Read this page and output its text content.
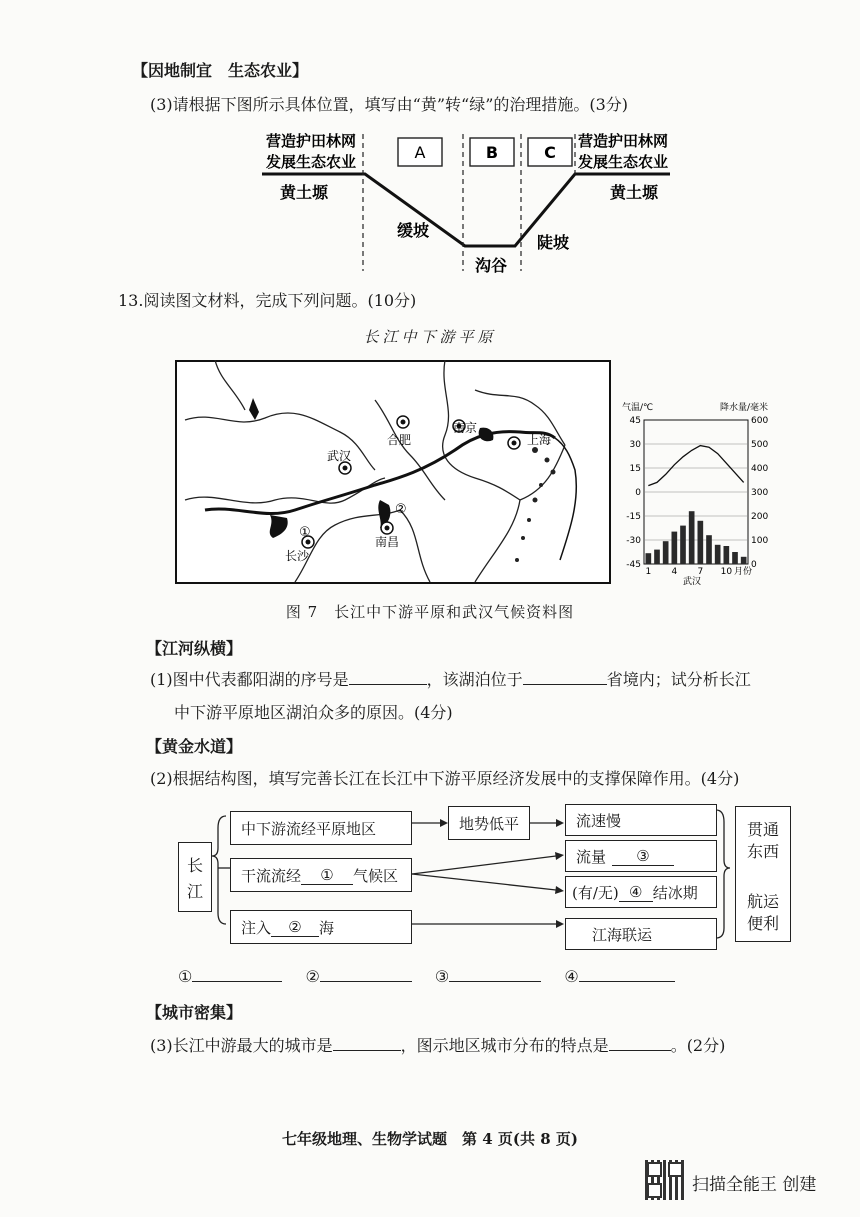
【因地制宜　生态农业】
(3)请根据下图所示具体位置，填写由“黄”转“绿”的治理措施。(3分)
A	B	C
营造护田林网
发展生态农业
营造护田林网
发展生态农业
黄土塬	黄土塬
缓坡
沟谷
陡坡
13.阅读图文材料，完成下列问题。(10分)
长江中下游平原
合肥
南京
上海
武汉
长沙
南昌
①
②
气温/℃	降水量/毫米
45
30
15
0
-15
-30
-45
600
500
400
300
200
100
0
1 4 7 10 月份
武汉
图 7　长江中下游平原和武汉气候资料图
【江河纵横】
(1)图中代表鄱阳湖的序号是	，该湖泊位于	省境内；试分析长江
中下游平原地区湖泊众多的原因。(4分)
【黄金水道】
(2)根据结构图，填写完善长江在长江中下游平原经济发展中的支撑保障作用。(4分)
长江
中下游流经平原地区
干流流经	①	气候区
注入	②	海
地势低平	流速慢
流量	③
(有/无) ④ 结冰期
江海联运
贯通东西
航运便利
①	②	③	④
【城市密集】
(3)长江中游最大的城市是	，图示地区城市分布的特点是	。(2分)
七年级地理、生物学试题　第 4 页(共 8 页)
扫描全能王 创建
